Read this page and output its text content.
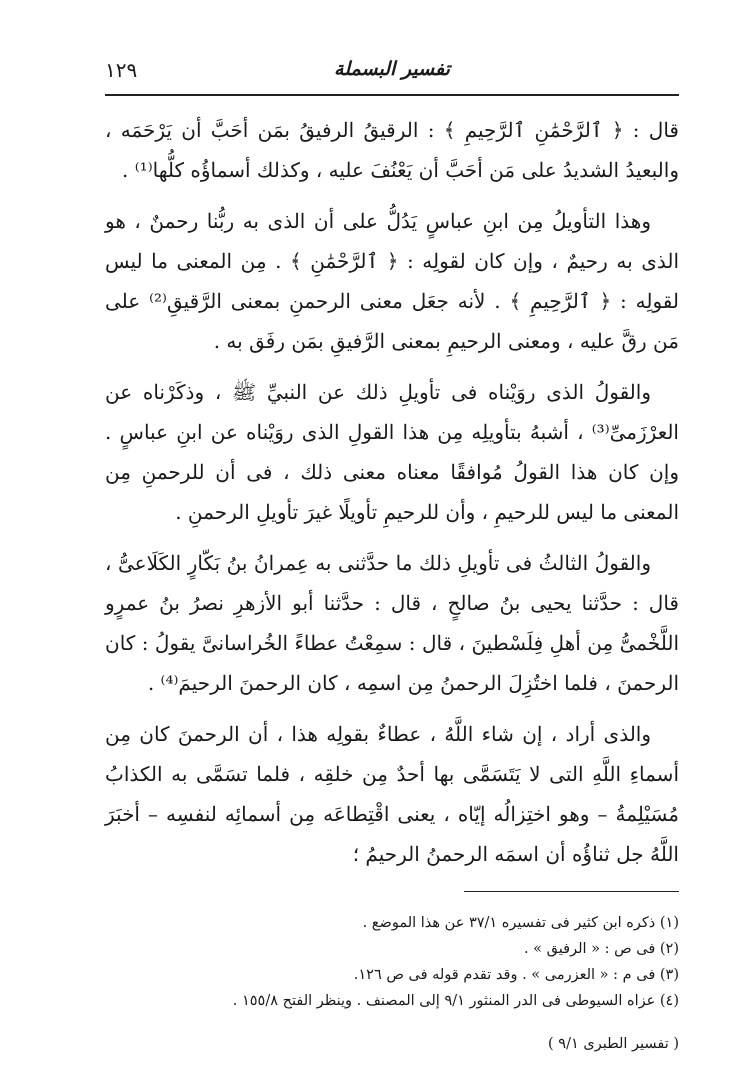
تفسير البسملة
١٢٩

قال : ﴿ ٱلرَّحْمَٰنِ ٱلرَّحِيمِ ﴾ : الرقيقُ الرفيقُ بمَن أحَبَّ أن يَرْحَمَه ، والبعيدُ الشديدُ على مَن أحَبَّ أن يَعْنُفَ عليه ، وكذلك أسماؤُه كلُّها⁽¹⁾ .

وهذا التأويلُ مِن ابنِ عباسٍ يَدُلُّ على أن الذى به ربُّنا رحمنٌ ، هو الذى به رحيمٌ ، وإن كان لقولِه : ﴿ ٱلرَّحْمَٰنِ ﴾ . مِن المعنى ما ليس لقولِه : ﴿ ٱلرَّحِيمِ ﴾ . لأنه جعَل معنى الرحمنِ بمعنى الرَّقيقِ⁽²⁾ على مَن رقَّ عليه ، ومعنى الرحيمِ بمعنى الرَّفيقِ بمَن رفَق به .

والقولُ الذى روَيْناه فى تأويلِ ذلك عن النبيِّ ﷺ ، وذكَرْناه عن العرْزَمىِّ⁽³⁾ ، أشبهُ بتأويلِه مِن هذا القولِ الذى روَيْناه عن ابنِ عباسٍ . وإن كان هذا القولُ مُوافقًا معناه معنى ذلك ، فى أن للرحمنِ مِن المعنى ما ليس للرحيمِ ، وأن للرحيمِ تأويلًا غيرَ تأويلِ الرحمنِ .

والقولُ الثالثُ فى تأويلِ ذلك ما حدَّثنى به عِمرانُ بنُ بَكّارٍ الكَلَاعىُّ ، قال : حدَّثنا يحيى بنُ صالحٍ ، قال : حدَّثنا أبو الأزهرِ نصرُ بنُ عمرٍو اللَّخْمىُّ مِن أهلِ فِلَسْطينَ ، قال : سمِعْتُ عطاءً الخُراسانىَّ يقولُ : كان الرحمنَ ، فلما اختُزِلَ الرحمنُ مِن اسمِه ، كان الرحمنَ الرحيمَ⁽⁴⁾ .

والذى أراد ، إن شاء اللَّهُ ، عطاءٌ بقولِه هذا ، أن الرحمنَ كان مِن أسماءِ اللَّهِ التى لا يَتَسَمَّى بها أحدٌ مِن خلقِه ، فلما تسَمَّى به الكذابُ مُسَيْلِمةُ – وهو اختِزالُه إيّاه ، يعنى اقْتِطاعَه مِن أسمائِه لنفسِه – أخبَرَ اللَّهُ جل ثناؤُه أن اسمَه الرحمنُ الرحيمُ ؛

(١) ذكره ابن كثير فى تفسيره ٣٧/١ عن هذا الموضع .
(٢) فى ص : « الرفيق » .
(٣) فى م : « العزرمى » . وقد تقدم قوله فى ص ١٢٦.
(٤) عزاه السيوطى فى الدر المنثور ٩/١ إلى المصنف . وينظر الفتح ١٥٥/٨ .
( تفسير الطبرى ٩/١ )
